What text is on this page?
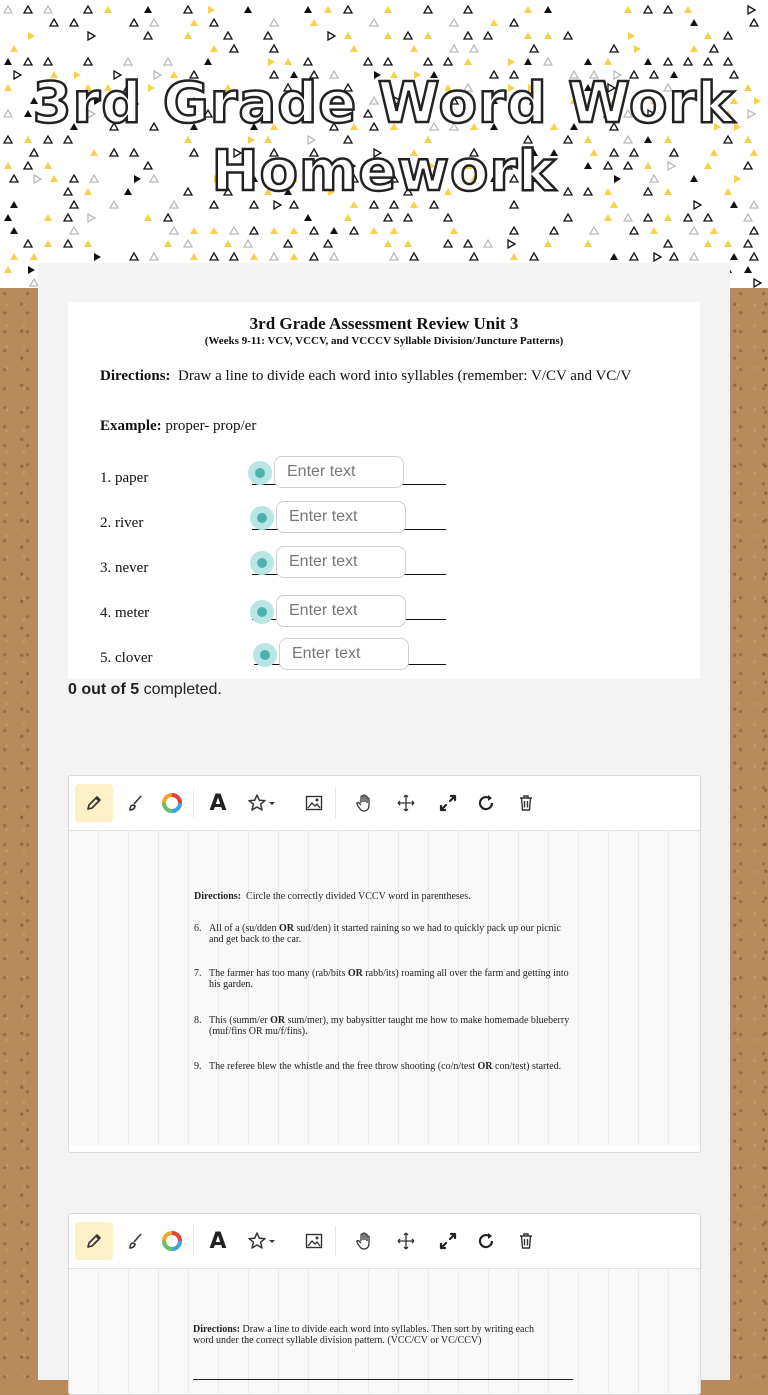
3rd Grade Word Work
Homework
3rd Grade Assessment Review Unit 3
(Weeks 9-11: VCV, VCCV, and VCCCV Syllable Division/Juncture Patterns)
Directions: Draw a line to divide each word into syllables (remember: V/CV and VC/V
Example: proper- prop/er
1. paper	Enter text
2. river	Enter text
3. never	Enter text
4. meter	Enter text
5. clover	Enter text
0 out of 5 completed.
A
Directions: Circle the correctly divided VCCV word in parentheses.
6. All of a (su/dden OR sud/den) it started raining so we had to quickly pack up our picnic and get back to the car.
7. The farmer has too many (rab/bits OR rabb/its) roaming all over the farm and getting into his garden.
8. This (summ/er OR sum/mer), my babysitter taught me how to make homemade blueberry (muf/fins OR mu/f/fins).
9. The referee blew the whistle and the free throw shooting (co/n/test OR con/test) started.
A
Directions: Draw a line to divide each word into syllables. Then sort by writing each word under the correct syllable division pattern. (VCC/CV or VC/CCV)
